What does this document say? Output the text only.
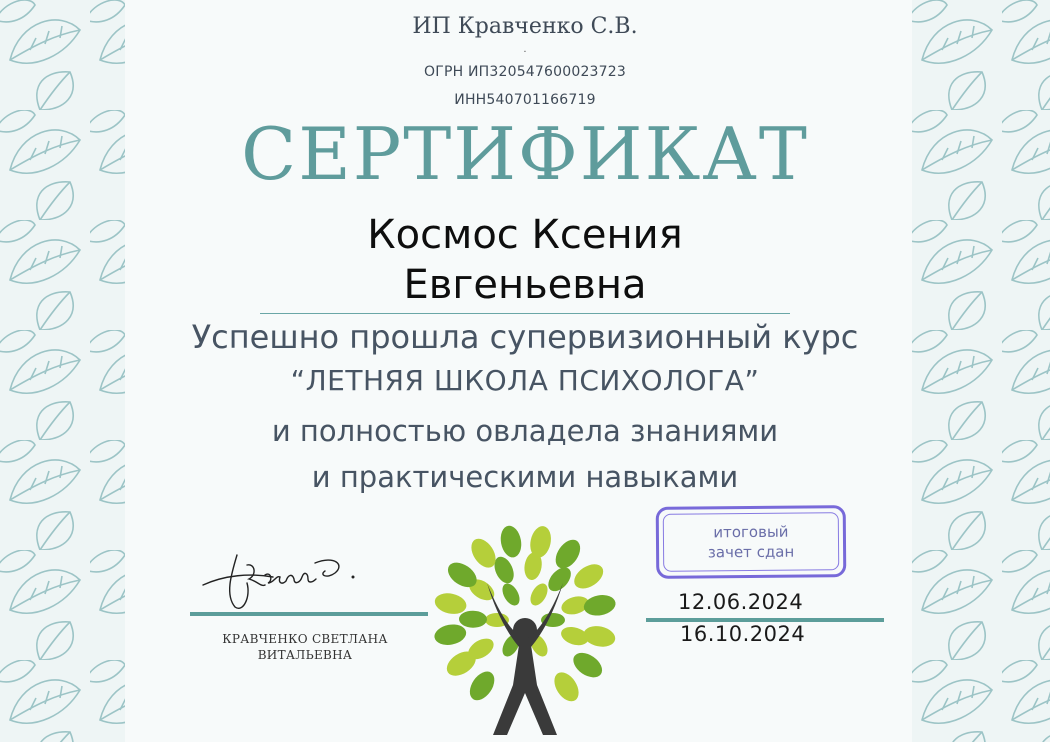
ИП Кравченко С.В.
.
ОГРН ИП320547600023723
ИНН540701166719
СЕРТИФИКАТ
Космос Ксения
Евгеньевна
Успешно прошла супервизионный курс
“ЛЕТНЯЯ ШКОЛА ПСИХОЛОГА”
и полностью овладела знаниями
и практическими навыками
КРАВЧЕНКО СВЕТЛАНА
ВИТАЛЬЕВНА
итоговый
зачет сдан
12.06.2024
16.10.2024
